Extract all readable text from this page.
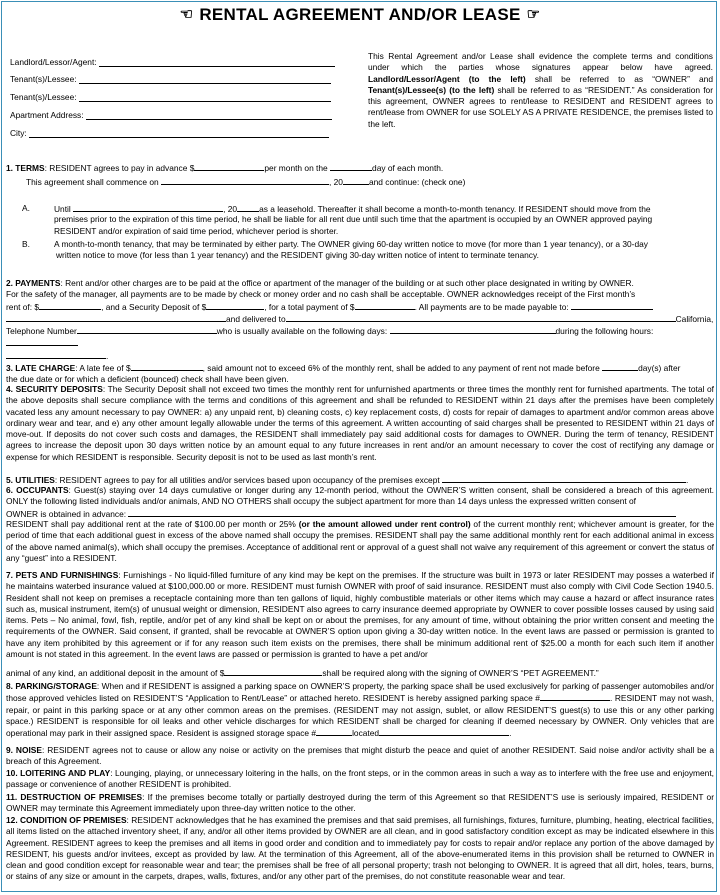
☜ RENTAL AGREEMENT AND/OR LEASE ☞
Landlord/Lessor/Agent:
Tenant(s)/Lessee:
Tenant(s)/Lessee:
Apartment Address:
City:
This Rental Agreement and/or Lease shall evidence the complete terms and conditions under which the parties whose signatures appear below have agreed. Landlord/Lessor/Agent (to the left) shall be referred to as “OWNER” and Tenant(s)/Lessee(s) (to the left) shall be referred to as “RESIDENT.” As consideration for this agreement, OWNER agrees to rent/lease to RESIDENT and RESIDENT agrees to rent/lease from OWNER for use SOLELY AS A PRIVATE RESIDENCE, the premises listed to the left.
1. TERMS: RESIDENT agrees to pay in advance $	per month on the	day of each month.
This agreement shall commence on	, 20	and continue: (check one)
A.	Until	, 20	as a leasehold. Thereafter it shall become a month-to-month tenancy. If RESIDENT should move from the
premises prior to the expiration of this time period, he shall be liable for all rent due until such time that the apartment is occupied by an OWNER approved paying
RESIDENT and/or expiration of said time period, whichever period is shorter.
B.	A month-to-month tenancy, that may be terminated by either party. The OWNER giving 60-day written notice to move (for more than 1 year tenancy), or a 30-day
written notice to move (for less than 1 year tenancy) and the RESIDENT giving 30-day written notice of intent to terminate tenancy.
2. PAYMENTS: Rent and/or other charges are to be paid at the office or apartment of the manager of the building or at such other place designated in writing by OWNER.
For the safety of the manager, all payments are to be made by check or money order and no cash shall be acceptable. OWNER acknowledges receipt of the First month’s
rent of: $	, and a Security Deposit of $	, for a total payment of $	. All payments are to be made payable to:
and delivered to	California,
Telephone Number	who is usually available on the following days:	during the following hours:
.
3. LATE CHARGE: A late fee of $	, said amount not to exceed 6% of the monthly rent, shall be added to any payment of rent not made before	day(s) after
the due date or for which a deficient (bounced) check shall have been given.
4. SECURITY DEPOSITS: The Security Deposit shall not exceed two times the monthly rent for unfurnished apartments or three times the monthly rent for furnished apartments. The total of the above deposits shall secure compliance with the terms and conditions of this agreement and shall be refunded to RESIDENT within 21 days after the premises have been completely vacated less any amount necessary to pay OWNER: a) any unpaid rent, b) cleaning costs, c) key replacement costs, d) costs for repair of damages to apartment and/or common areas above ordinary wear and tear, and e) any other amount legally allowable under the terms of this agreement. A written accounting of said charges shall be presented to RESIDENT within 21 days of move-out. If deposits do not cover such costs and damages, the RESIDENT shall immediately pay said additional costs for damages to OWNER. During the term of tenancy, RESIDENT agrees to increase the deposit upon 30 days written notice by an amount equal to any future increases in rent and/or an amount necessary to cover the cost of rectifying any damage or expense for which RESIDENT is responsible. Security deposit is not to be used as last month’s rent.
5. UTILITIES: RESIDENT agrees to pay for all utilities and/or services based upon occupancy of the premises except	.
6. OCCUPANTS: Guest(s) staying over 14 days cumulative or longer during any 12-month period, without the OWNER’S written consent, shall be considered a breach of this agreement. ONLY the following listed individuals and/or animals, AND NO OTHERS shall occupy the subject apartment for more than 14 days unless the expressed written consent of
OWNER is obtained in advance:
RESIDENT shall pay additional rent at the rate of $100.00 per month or 25% (or the amount allowed under rent control) of the current monthly rent; whichever amount is greater, for the period of time that each additional guest in excess of the above named shall occupy the premises. RESIDENT shall pay the same additional monthly rent for each additional animal in excess of the above named animal(s), which shall occupy the premises. Acceptance of additional rent or approval of a guest shall not waive any requirement of this agreement or convert the status of any “guest” into a RESIDENT.
7. PETS AND FURNISHINGS: Furnishings - No liquid-filled furniture of any kind may be kept on the premises. If the structure was built in 1973 or later RESIDENT may posses a waterbed if he maintains waterbed insurance valued at $100,000.00 or more. RESIDENT must furnish OWNER with proof of said insurance. RESIDENT must also comply with Civil Code Section 1940.5. Resident shall not keep on premises a receptacle containing more than ten gallons of liquid, highly combustible materials or other items which may cause a hazard or affect insurance rates such as, musical instrument, item(s) of unusual weight or dimension, RESIDENT also agrees to carry insurance deemed appropriate by OWNER to cover possible losses caused by using said items. Pets – No animal, fowl, fish, reptile, and/or pet of any kind shall be kept on or about the premises, for any amount of time, without obtaining the prior written consent and meeting the requirements of the OWNER. Said consent, if granted, shall be revocable at OWNER’S option upon giving a 30-day written notice. In the event laws are passed or permission is granted to have any item prohibited by this agreement or if for any reason such item exists on the premises, there shall be minimum additional rent of $25.00 a month for each such item if another amount is not stated in this agreement. In the event laws are passed or permission is granted to have a pet and/or
animal of any kind, an additional deposit in the amount of $	shall be required along with the signing of OWNER’S “PET AGREEMENT.”
8. PARKING/STORAGE: When and if RESIDENT is assigned a parking space on OWNER’S property, the parking space shall be used exclusively for parking of passenger automobiles and/or those approved vehicles listed on RESIDENT’S “Application to Rent/Lease” or attached hereto. RESIDENT is hereby assigned parking space #	. RESIDENT may not wash, repair, or paint in this parking space or at any other common areas on the premises. (RESIDENT may not assign, sublet, or allow RESIDENT’S guest(s) to use this or any other parking space.) RESIDENT is responsible for oil leaks and other vehicle discharges for which RESIDENT shall be charged for cleaning if deemed necessary by OWNER. Only vehicles that are operational may park in their assigned space. Resident is assigned storage space #	located	.
9. NOISE: RESIDENT agrees not to cause or allow any noise or activity on the premises that might disturb the peace and quiet of another RESIDENT. Said noise and/or activity shall be a breach of this Agreement.
10. LOITERING AND PLAY: Lounging, playing, or unnecessary loitering in the halls, on the front steps, or in the common areas in such a way as to interfere with the free use and enjoyment, passage or convenience of another RESIDENT is prohibited.
11. DESTRUCTION OF PREMISES: If the premises become totally or partially destroyed during the term of this Agreement so that RESIDENT’S use is seriously impaired, RESIDENT or OWNER may terminate this Agreement immediately upon three-day written notice to the other.
12. CONDITION OF PREMISES: RESIDENT acknowledges that he has examined the premises and that said premises, all furnishings, fixtures, furniture, plumbing, heating, electrical facilities, all items listed on the attached inventory sheet, if any, and/or all other items provided by OWNER are all clean, and in good satisfactory condition except as may be indicated elsewhere in this Agreement. RESIDENT agrees to keep the premises and all items in good order and condition and to immediately pay for costs to repair and/or replace any portion of the above damaged by RESIDENT, his guests and/or invitees, except as provided by law. At the termination of this Agreement, all of the above-enumerated items in this provision shall be returned to OWNER in clean and good condition except for reasonable wear and tear; the premises shall be free of all personal property; trash not belonging to OWNER. It is agreed that all dirt, holes, tears, burns, or stains of any size or amount in the carpets, drapes, walls, fixtures, and/or any other part of the premises, do not constitute reasonable wear and tear.
